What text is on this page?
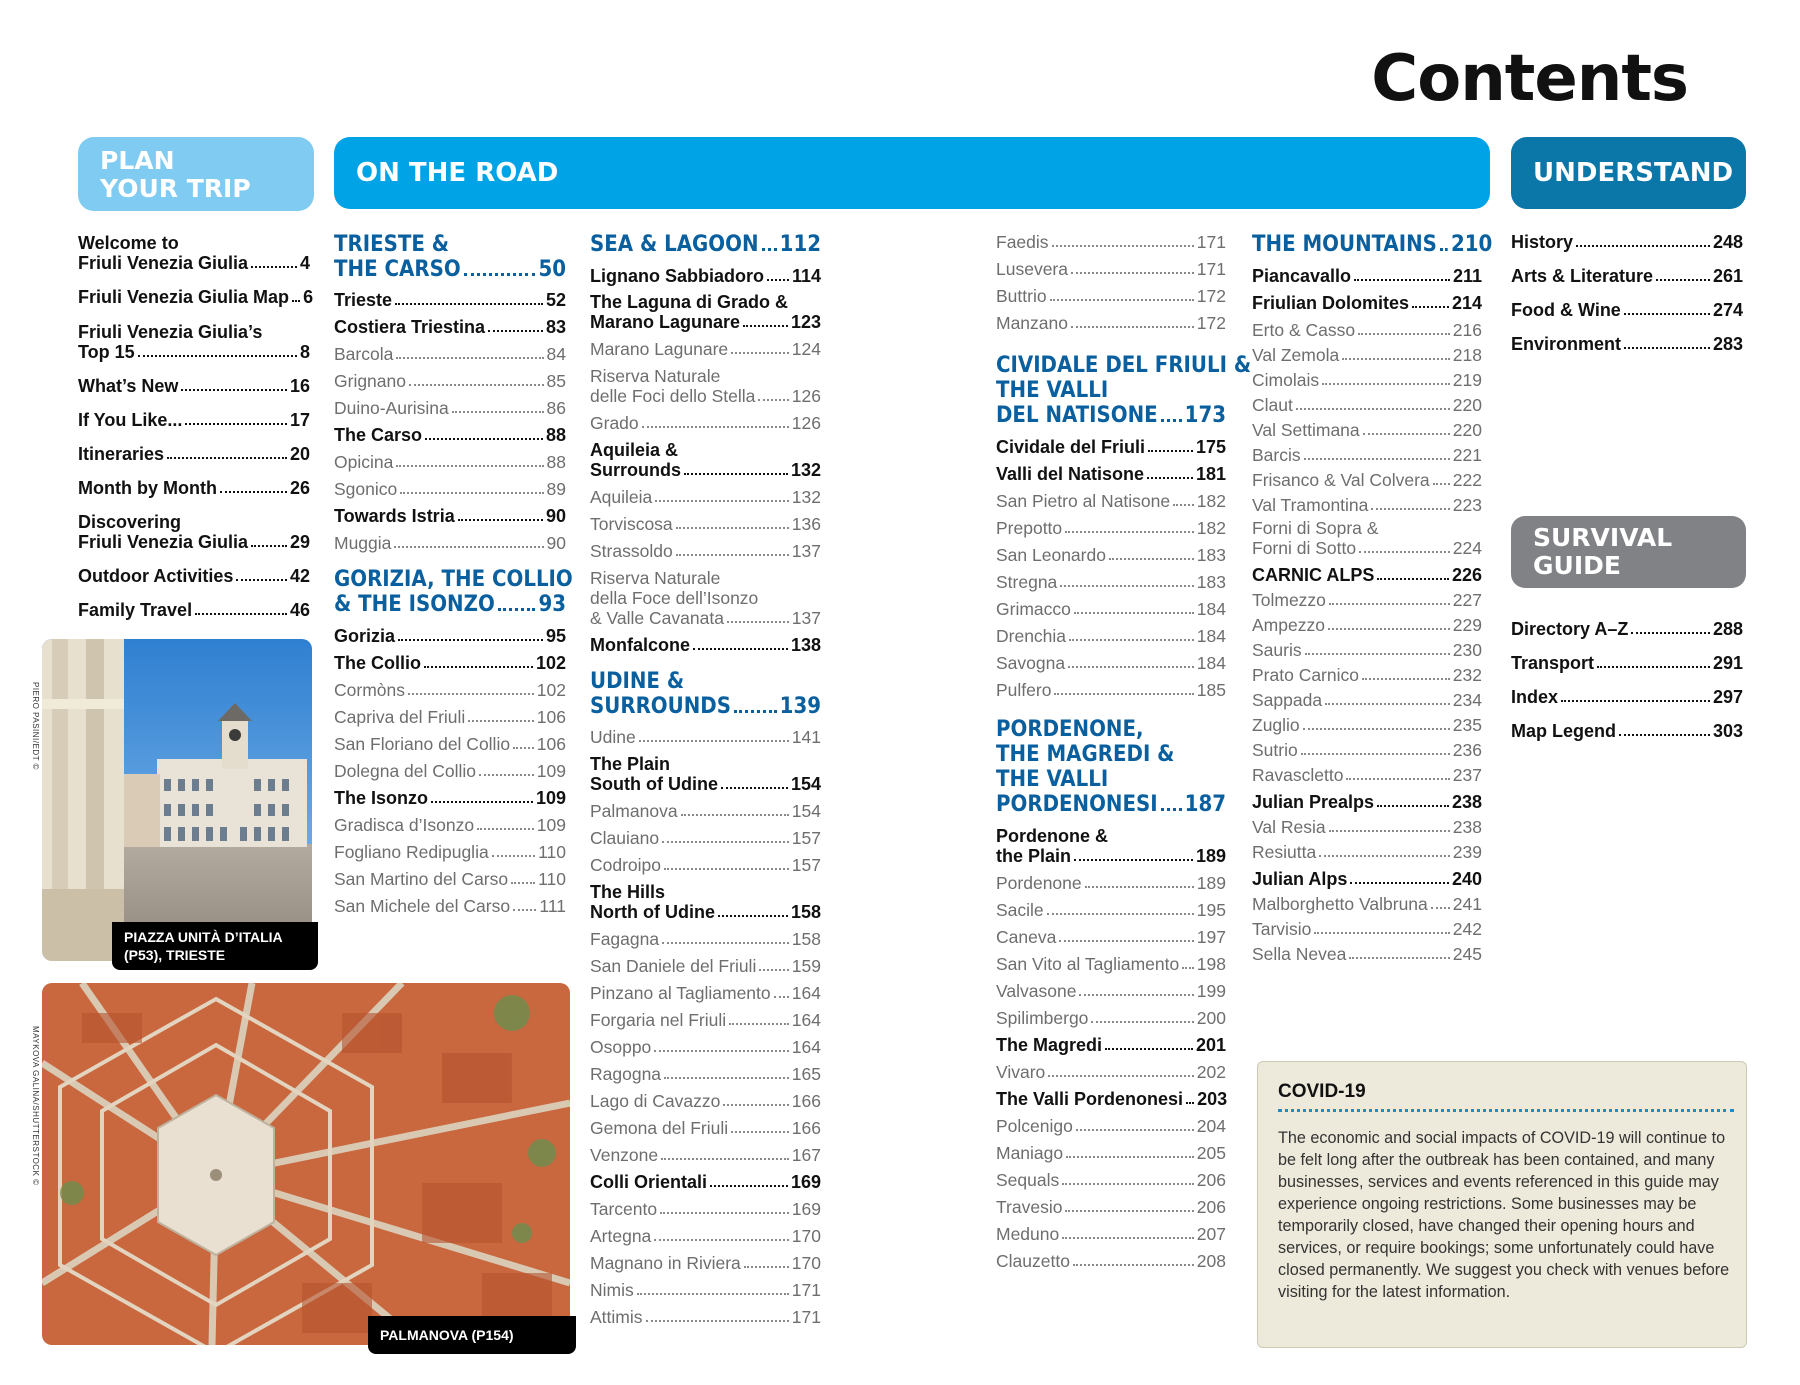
Contents
PLAN
YOUR TRIP
ON THE ROAD	UNDERSTAND
SURVIVAL
GUIDE
Welcome to
Friuli Venezia Giulia	4
Friuli Venezia Giulia Map 6
Friuli Venezia Giulia’s
Top 15	8
What’s New	16
If You Like...	17
Itineraries	20
Month by Month	26
Discovering
Friuli Venezia Giulia 29
Outdoor Activities	42
Family Travel	46
TRIESTE &
THE CARSO	50
Trieste	52
Costiera Triestina	83
Barcola	84
Grignano	85
Duino-Aurisina	86
The Carso	88
Opicina	88
Sgonico	89
Towards Istria	90
Muggia	90
GORIZIA, THE COLLIO
& THE ISONZO 93
Gorizia	95
The Collio	102
Cormòns	102
Capriva del Friuli	106
San Floriano del Collio 106
Dolegna del Collio	109
The Isonzo	109
Gradisca d’Isonzo	109
Fogliano Redipuglia	110
San Martino del Carso 110
San Michele del Carso 111
SEA & LAGOON 112
Lignano Sabbiadoro 114
The Laguna di Grado &
Marano Lagunare	123
Marano Lagunare	124
Riserva Naturale
delle Foci dello Stella 126
Grado	126
Aquileia &
Surrounds	132
Aquileia	132
Torviscosa	136
Strassoldo	137
Riserva Naturale
della Foce dell’Isonzo
& Valle Cavanata	137
Monfalcone	138
UDINE &
SURROUNDS 139
Udine	141
The Plain
South of Udine	154
Palmanova	154
Clauiano	157
Codroipo	157
The Hills
North of Udine	158
Fagagna	158
San Daniele del Friuli 159
Pinzano al Tagliamento 164
Forgaria nel Friuli	164
Osoppo	164
Ragogna	165
Lago di Cavazzo	166
Gemona del Friuli	166
Venzone	167
Colli Orientali	169
Tarcento	169
Artegna	170
Magnano in Riviera	170
Nimis	171
Attimis	171
Faedis	171
Lusevera	171
Buttrio	172
Manzano	172
CIVIDALE DEL FRIULI &
THE VALLI
DEL NATISONE 173
Cividale del Friuli	175
Valli del Natisone	181
San Pietro al Natisone 182
Prepotto	182
San Leonardo	183
Stregna	183
Grimacco	184
Drenchia	184
Savogna	184
Pulfero	185
PORDENONE,
THE MAGREDI &
THE VALLI
PORDENONESI 187
Pordenone &
the Plain	189
Pordenone	189
Sacile	195
Caneva	197
San Vito al Tagliamento 198
Valvasone	199
Spilimbergo	200
The Magredi	201
Vivaro	202
The Valli Pordenonesi 203
Polcenigo	204
Maniago	205
Sequals	206
Travesio	206
Meduno	207
Clauzetto	208
THE MOUNTAINS 210
Piancavallo	211
Friulian Dolomites 214
Erto & Casso	216
Val Zemola	218
Cimolais	219
Claut	220
Val Settimana	220
Barcis	221
Frisanco & Val Colvera 222
Val Tramontina	223
Forni di Sopra &
Forni di Sotto	224
CARNIC ALPS	226
Tolmezzo	227
Ampezzo	229
Sauris	230
Prato Carnico	232
Sappada	234
Zuglio	235
Sutrio	236
Ravascletto	237
Julian Prealps	238
Val Resia	238
Resiutta	239
Julian Alps	240
Malborghetto Valbruna 241
Tarvisio	242
Sella Nevea	245
History	248
Arts & Literature	261
Food & Wine	274
Environment	283
Directory A–Z	288
Transport	291
Index	297
Map Legend	303
PIAZZA UNITÀ D’ITALIA
(P53), TRIESTE
PIERO PASINI/EDT ©
PALMANOVA (P154)
MAYKOVA GALINA/SHUTTERSTOCK ©	COVID-19

The economic and social impacts of COVID-19 will continue to be felt long after the outbreak has been contained, and many businesses, services and events referenced in this guide may experience ongoing restrictions. Some businesses may be temporarily closed, have changed their opening hours and services, or require bookings; some unfortunately could have closed permanently. We suggest you check with venues before visiting for the latest information.
